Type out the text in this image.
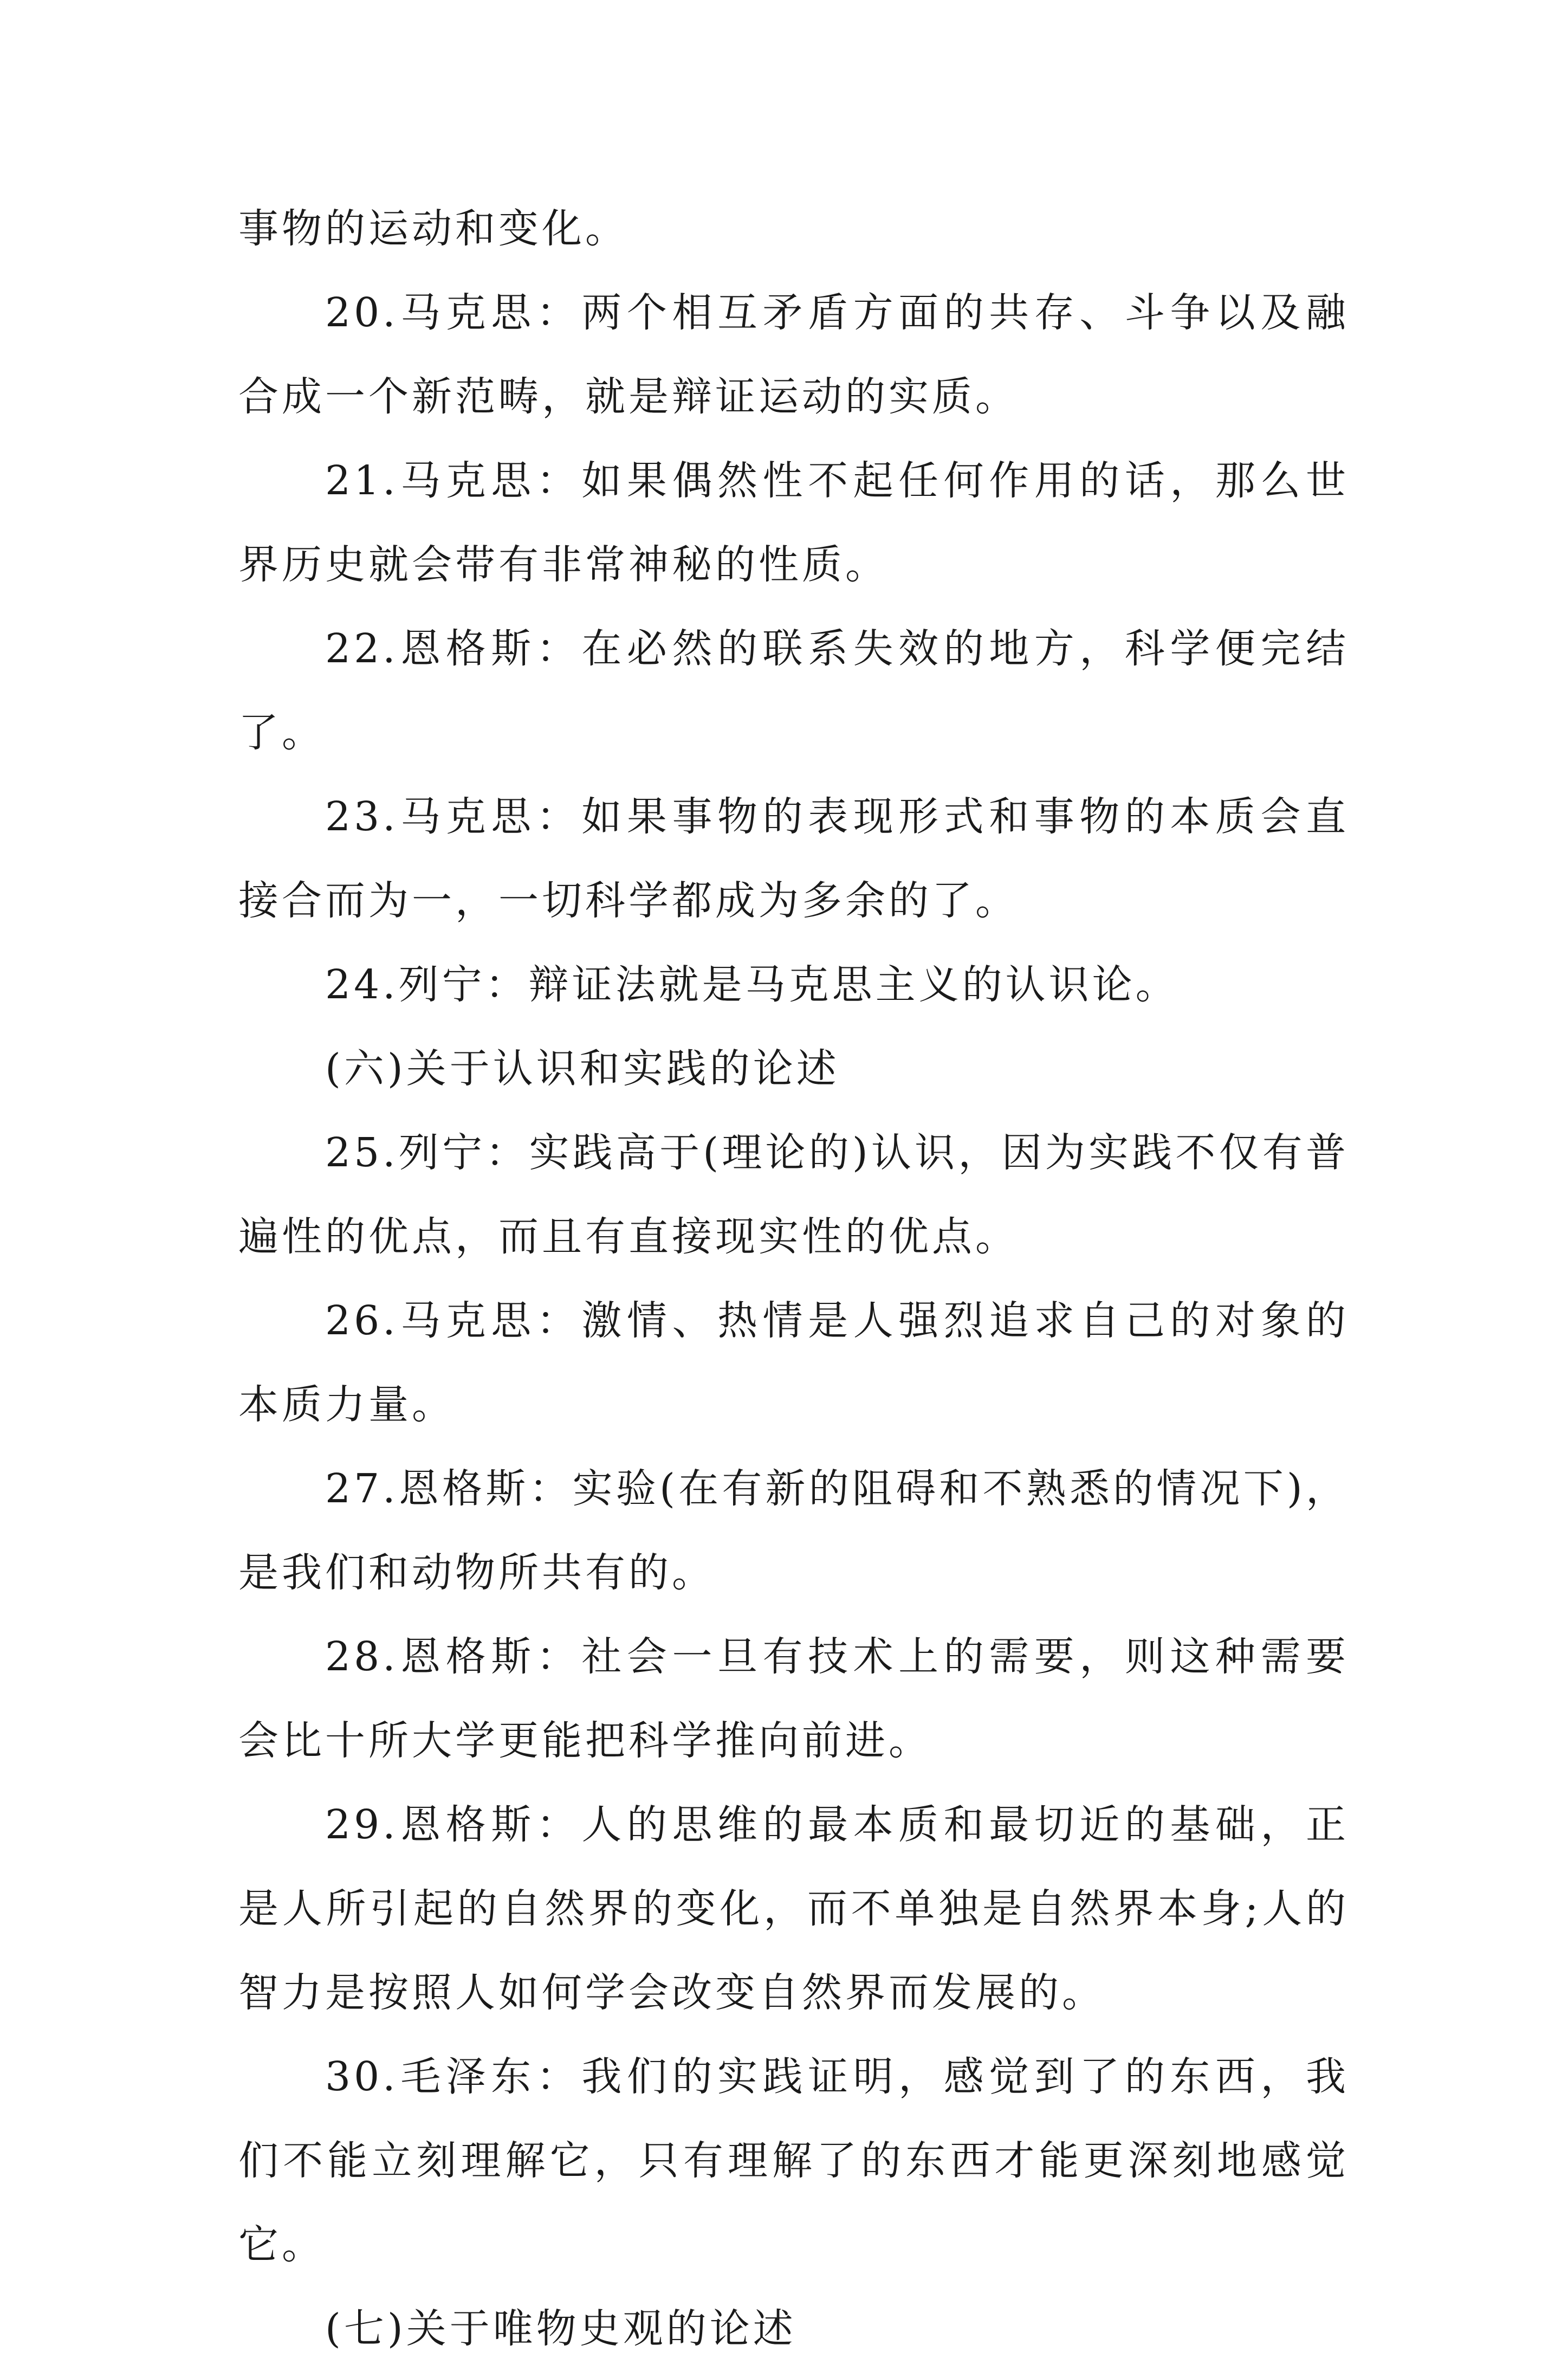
事物的运动和变化。

20.马克思：两个相互矛盾方面的共存、斗争以及融合成一个新范畴，就是辩证运动的实质。

21.马克思：如果偶然性不起任何作用的话，那么世界历史就会带有非常神秘的性质。

22.恩格斯：在必然的联系失效的地方，科学便完结了。

23.马克思：如果事物的表现形式和事物的本质会直接合而为一，一切科学都成为多余的了。

24.列宁：辩证法就是马克思主义的认识论。

(六)关于认识和实践的论述

25.列宁：实践高于(理论的)认识，因为实践不仅有普遍性的优点，而且有直接现实性的优点。

26.马克思：激情、热情是人强烈追求自己的对象的本质力量。

27.恩格斯：实验(在有新的阻碍和不熟悉的情况下)，是我们和动物所共有的。

28.恩格斯：社会一旦有技术上的需要，则这种需要会比十所大学更能把科学推向前进。

29.恩格斯：人的思维的最本质和最切近的基础，正是人所引起的自然界的变化，而不单独是自然界本身;人的智力是按照人如何学会改变自然界而发展的。

30.毛泽东：我们的实践证明，感觉到了的东西，我们不能立刻理解它，只有理解了的东西才能更深刻地感觉它。

(七)关于唯物史观的论述
